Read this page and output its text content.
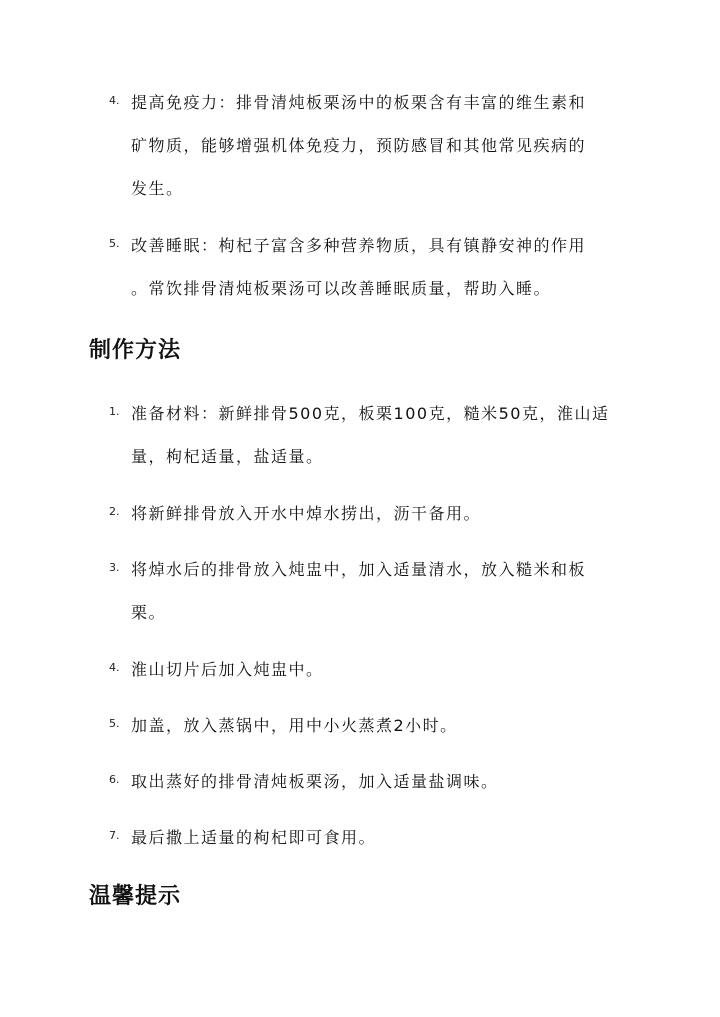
4. 提高免疫力：排骨清炖板栗汤中的板栗含有丰富的维生素和
矿物质，能够增强机体免疫力，预防感冒和其他常见疾病的
发生。
5. 改善睡眠：枸杞子富含多种营养物质，具有镇静安神的作用
。常饮排骨清炖板栗汤可以改善睡眠质量，帮助入睡。
制作方法
1. 准备材料：新鲜排骨500克，板栗100克，糙米50克，淮山适
量，枸杞适量，盐适量。
2. 将新鲜排骨放入开水中焯水捞出，沥干备用。
3. 将焯水后的排骨放入炖盅中，加入适量清水，放入糙米和板
栗。
4. 淮山切片后加入炖盅中。
5. 加盖，放入蒸锅中，用中小火蒸煮2小时。
6. 取出蒸好的排骨清炖板栗汤，加入适量盐调味。
7. 最后撒上适量的枸杞即可食用。
温馨提示
